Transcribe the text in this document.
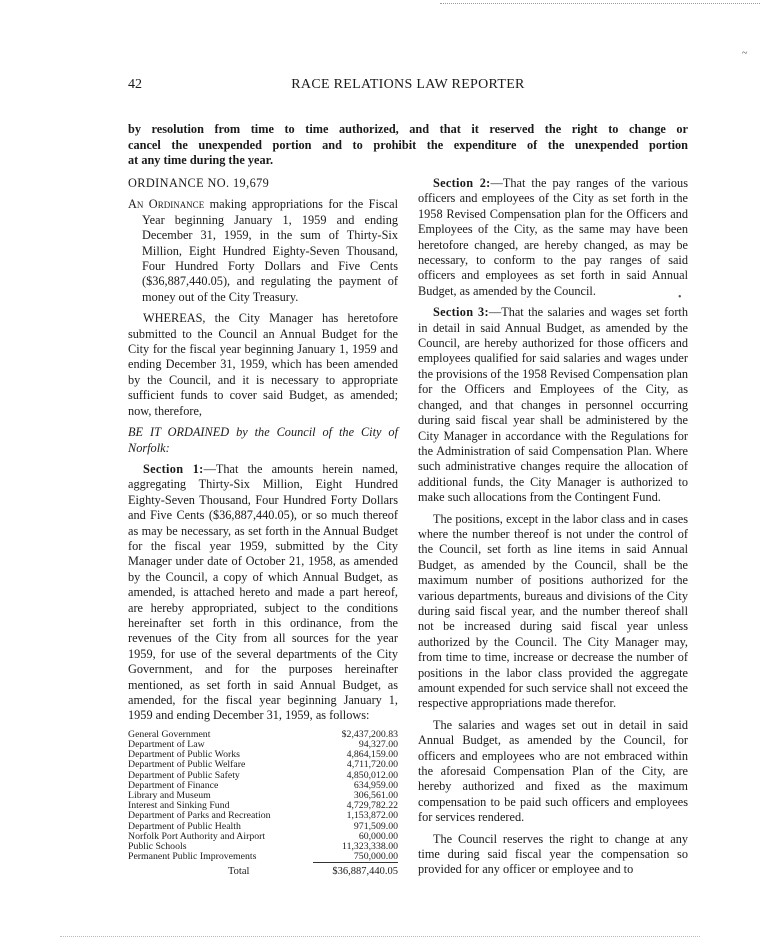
~
42	RACE RELATIONS LAW REPORTER
by resolution from time to time authorized, and that it reserved the right to change or
cancel the unexpended portion and to prohibit the expenditure of the unexpended portion
at any time during the year.

ORDINANCE NO. 19,679

An Ordinance making appropriations for the Fiscal Year beginning January 1, 1959 and ending December 31, 1959, in the sum of Thirty-Six Million, Eight Hundred Eighty-Seven Thousand, Four Hundred Forty Dollars and Five Cents ($36,887,440.05), and regulating the payment of money out of the City Treasury.

WHEREAS, the City Manager has heretofore submitted to the Council an Annual Budget for the City for the fiscal year beginning January 1, 1959 and ending December 31, 1959, which has been amended by the Council, and it is necessary to appropriate sufficient funds to cover said Budget, as amended; now, therefore,

BE IT ORDAINED by the Council of the City of Norfolk:

Section 1:—That the amounts herein named, aggregating Thirty-Six Million, Eight Hundred Eighty-Seven Thousand, Four Hundred Forty Dollars and Five Cents ($36,887,440.05), or so much thereof as may be necessary, as set forth in the Annual Budget for the fiscal year 1959, submitted by the City Manager under date of October 21, 1958, as amended by the Council, a copy of which Annual Budget, as amended, is attached hereto and made a part hereof, are hereby appropriated, subject to the conditions hereinafter set forth in this ordinance, from the revenues of the City from all sources for the year 1959, for use of the several departments of the City Government, and for the purposes hereinafter mentioned, as set forth in said Annual Budget, as amended, for the fiscal year beginning January 1, 1959 and ending December 31, 1959, as follows:

General Government	$2,437,200.83
Department of Law	94,327.00
Department of Public Works	4,864,159.00
Department of Public Welfare	4,711,720.00
Department of Public Safety	4,850,012.00
Department of Finance	634,959.00
Library and Museum	306,561.00
Interest and Sinking Fund	4,729,782.22
Department of Parks and Recreation	1,153,872.00
Department of Public Health	971,509.00
Norfolk Port Authority and Airport	60,000.00
Public Schools	11,323,338.00
Permanent Public Improvements	750,000.00
Total	$36,887,440.05

Section 2:—That the pay ranges of the various officers and employees of the City as set forth in the 1958 Revised Compensation plan for the Officers and Employees of the City, as the same may have been heretofore changed, are hereby changed, as may be necessary, to conform to the pay ranges of said officers and employees as set forth in said Annual Budget, as amended by the Council.

Section 3:—That the salaries and wages set forth in detail in said Annual Budget, as amended by the Council, are hereby authorized for those officers and employees qualified for said salaries and wages under the provisions of the 1958 Revised Compensation plan for the Officers and Employees of the City, as changed, and that changes in personnel occurring during said fiscal year shall be administered by the City Manager in accordance with the Regulations for the Administration of said Compensation Plan. Where such administrative changes require the allocation of additional funds, the City Manager is authorized to make such allocations from the Contingent Fund.

The positions, except in the labor class and in cases where the number thereof is not under the control of the Council, set forth as line items in said Annual Budget, as amended by the Council, shall be the maximum number of positions authorized for the various departments, bureaus and divisions of the City during said fiscal year, and the number thereof shall not be increased during said fiscal year unless authorized by the Council. The City Manager may, from time to time, increase or decrease the number of positions in the labor class provided the aggregate amount expended for such service shall not exceed the respective appropriations made therefor.

The salaries and wages set out in detail in said Annual Budget, as amended by the Council, for officers and employees who are not embraced within the aforesaid Compensation Plan of the City, are hereby authorized and fixed as the maximum compensation to be paid such officers and employees for services rendered.

The Council reserves the right to change at any time during said fiscal year the compensation so provided for any officer or employee and to

•
